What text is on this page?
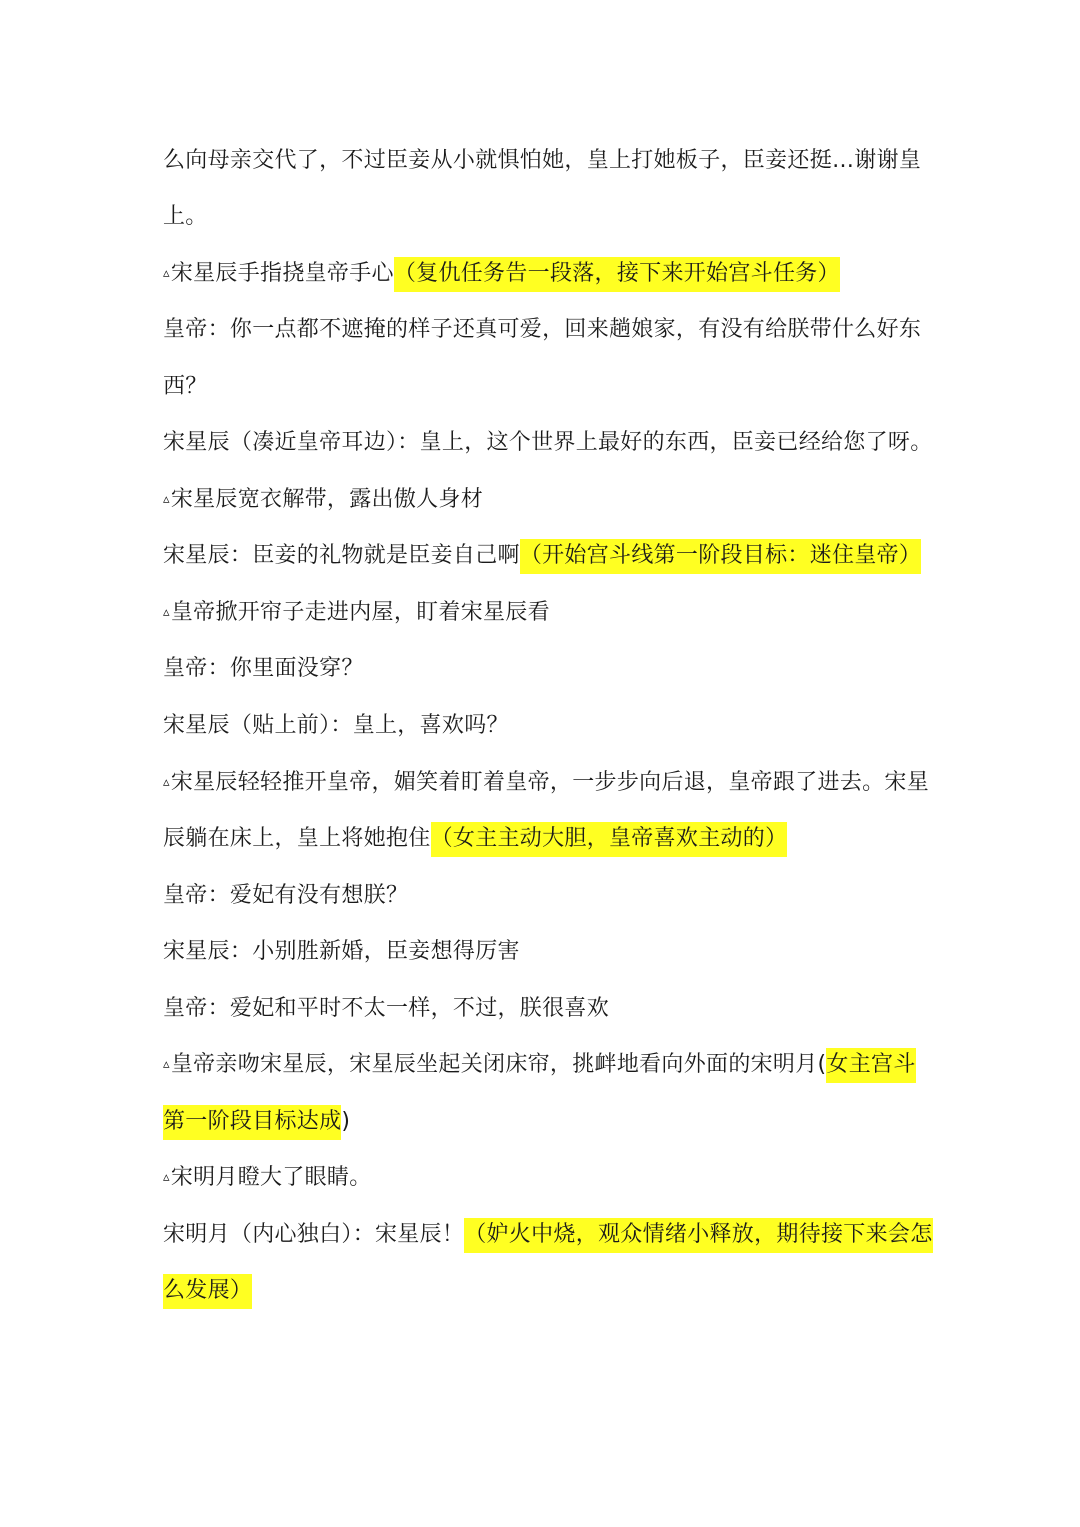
么向母亲交代了，不过臣妾从小就惧怕她，皇上打她板子，臣妾还挺…谢谢皇
上。
▵宋星辰手指挠皇帝手心（复仇任务告一段落，接下来开始宫斗任务）
皇帝：你一点都不遮掩的样子还真可爱，回来趟娘家，有没有给朕带什么好东
西？
宋星辰（凑近皇帝耳边）：皇上，这个世界上最好的东西，臣妾已经给您了呀。
▵宋星辰宽衣解带，露出傲人身材
宋星辰：臣妾的礼物就是臣妾自己啊（开始宫斗线第一阶段目标：迷住皇帝）
▵皇帝掀开帘子走进内屋，盯着宋星辰看
皇帝：你里面没穿？
宋星辰（贴上前）：皇上，喜欢吗？
▵宋星辰轻轻推开皇帝，媚笑着盯着皇帝，一步步向后退，皇帝跟了进去。宋星
辰躺在床上，皇上将她抱住（女主主动大胆，皇帝喜欢主动的）
皇帝：爱妃有没有想朕？
宋星辰：小别胜新婚，臣妾想得厉害
皇帝：爱妃和平时不太一样，不过，朕很喜欢
▵皇帝亲吻宋星辰，宋星辰坐起关闭床帘，挑衅地看向外面的宋明月(女主宫斗
第一阶段目标达成)
▵宋明月瞪大了眼睛。
宋明月（内心独白）：宋星辰！（妒火中烧，观众情绪小释放，期待接下来会怎
么发展）
